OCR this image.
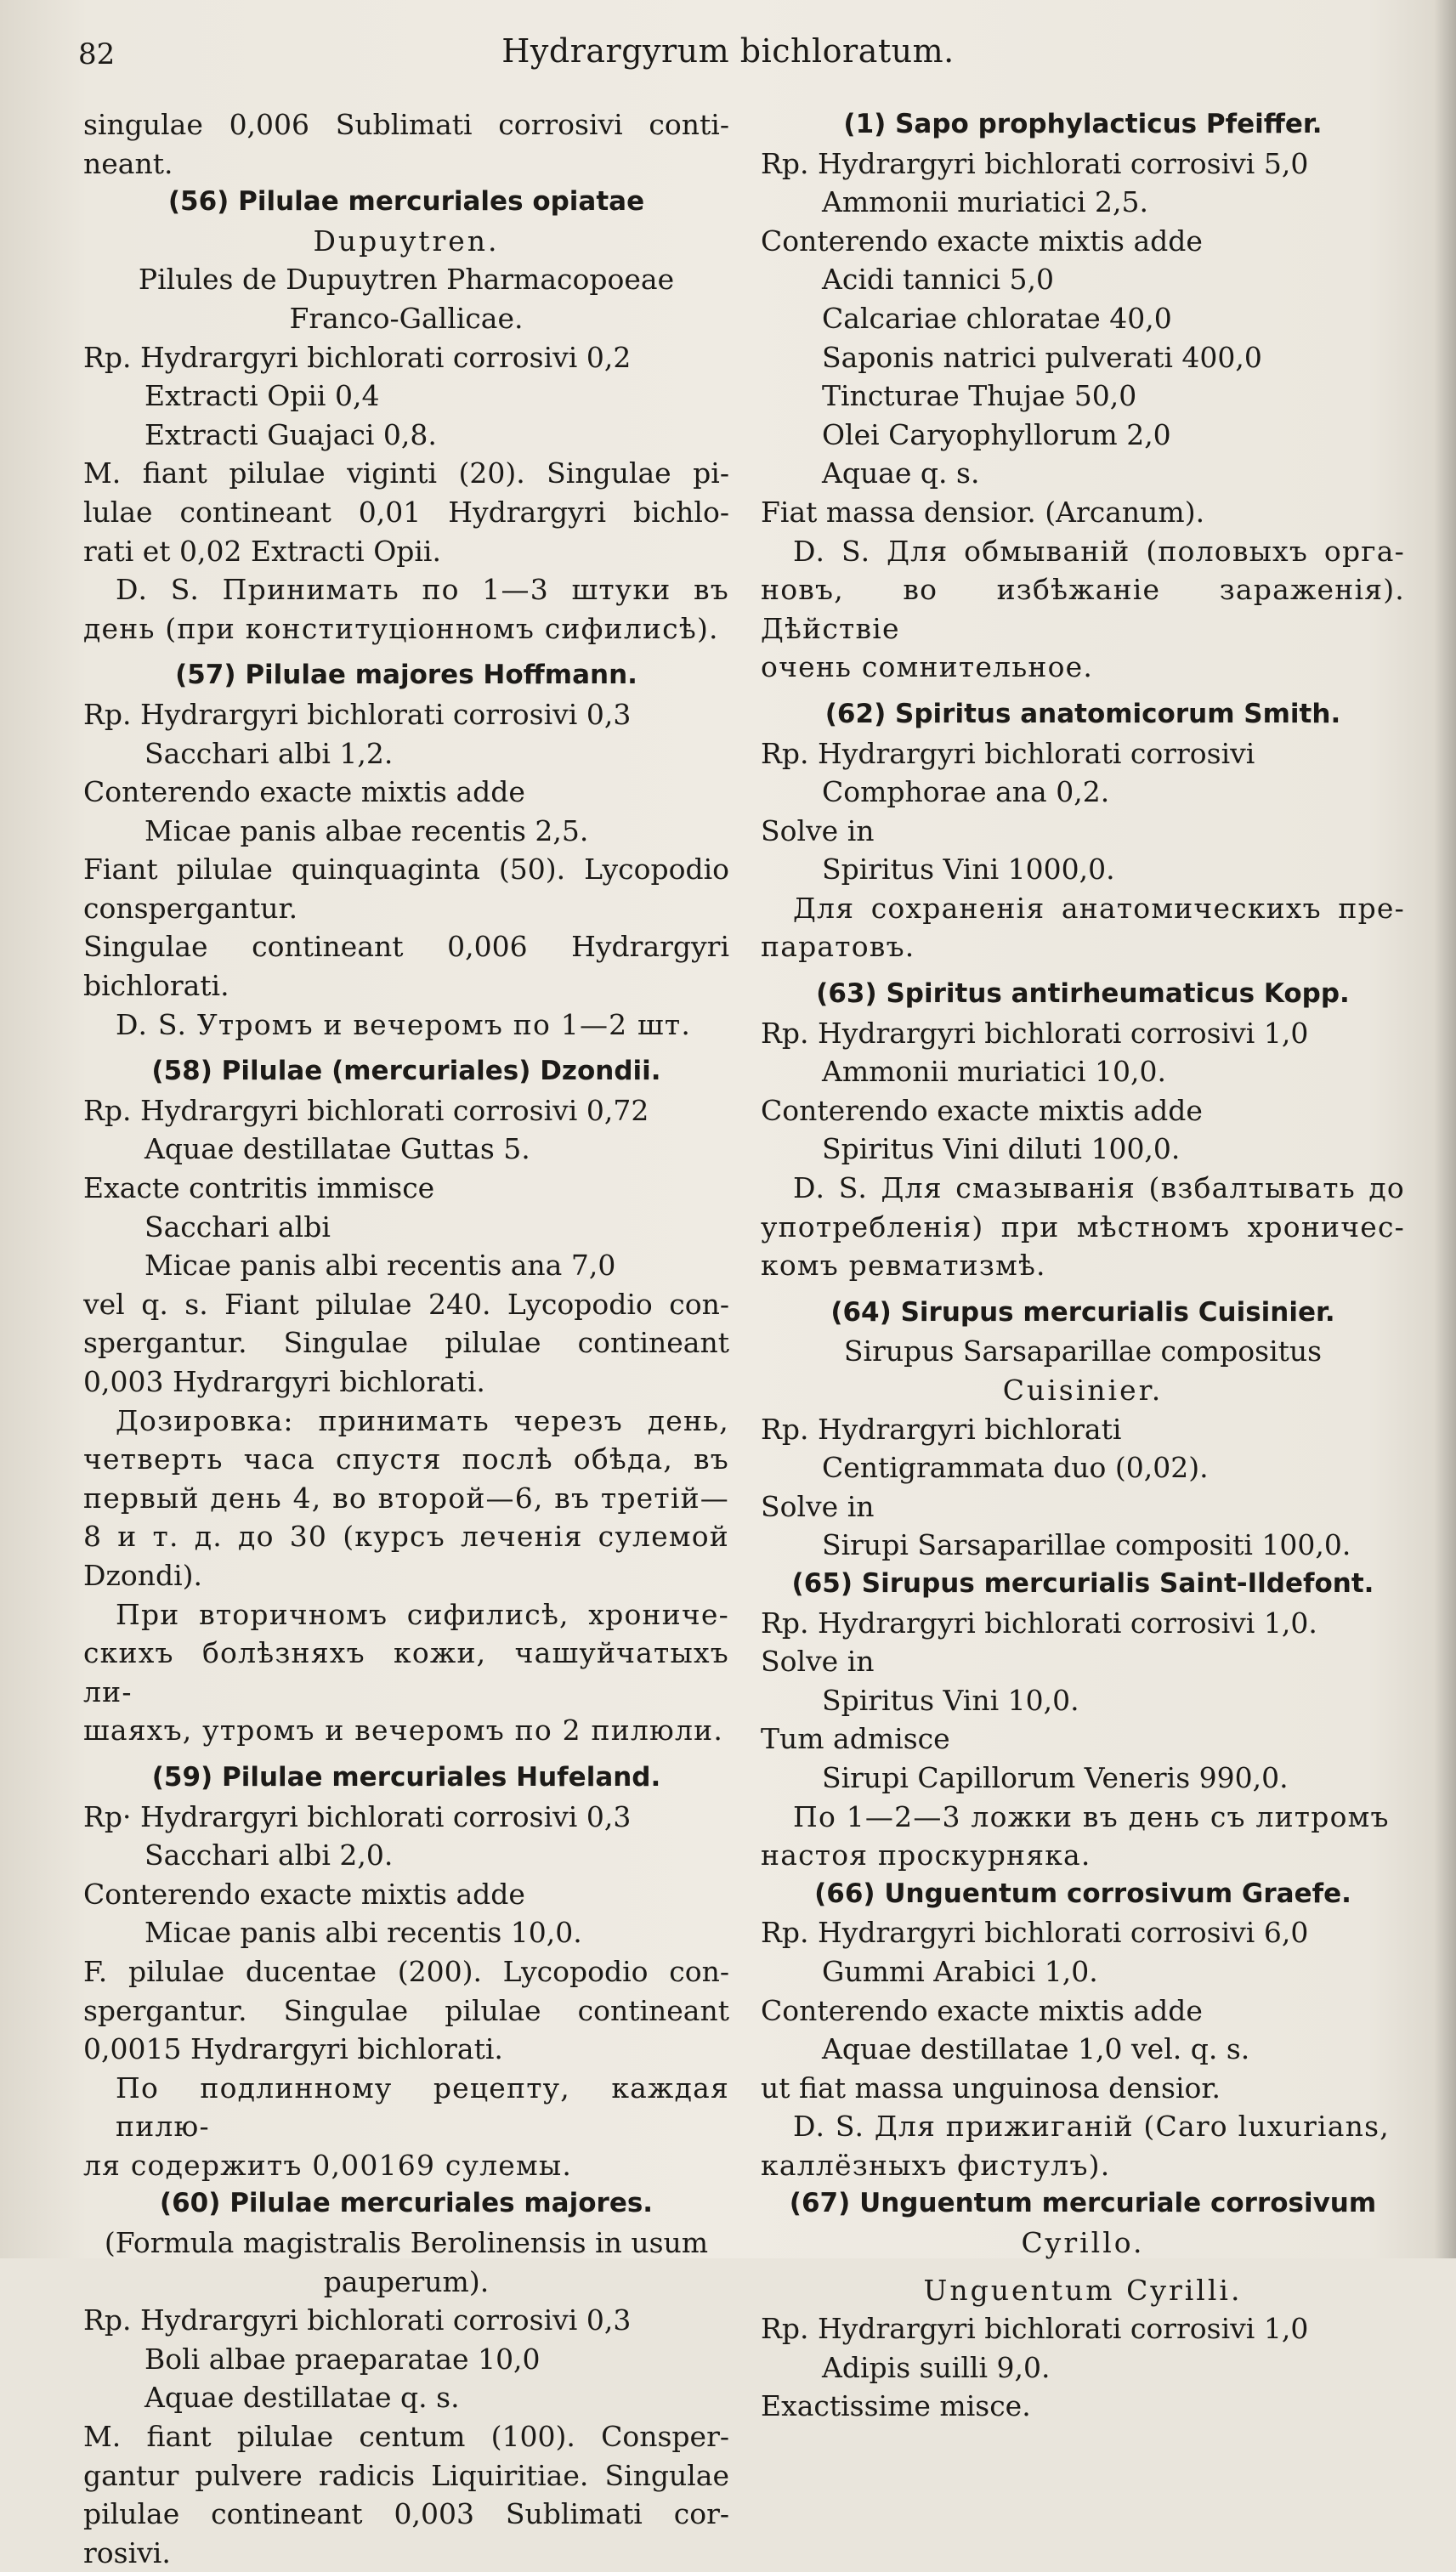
82	Hydrargyrum bichloratum.
singulae 0,006 Sublimati corrosivi conti-
neant.
(56) Pilulae mercuriales opiatae
Dupuytren.
Pilules de Dupuytren Pharmacopoeae
Franco-Gallicae.
Rp. Hydrargyri bichlorati corrosivi 0,2
Extracti Opii 0,4
Extracti Guajaci 0,8.
M. fiant pilulae viginti (20). Singulae pi-
lulae contineant 0,01 Hydrargyri bichlo-
rati et 0,02 Extracti Opii.
D. S. Принимать по 1—3 штуки въ
день (при конституціонномъ сифилисѣ).
(57) Pilulae majores Hoffmann.
Rp. Hydrargyri bichlorati corrosivi 0,3
Sacchari albi 1,2.
Conterendo exacte mixtis adde
Micae panis albae recentis 2,5.
Fiant pilulae quinquaginta (50). Lycopodio
conspergantur.
Singulae contineant 0,006 Hydrargyri
bichlorati.
D. S. Утромъ и вечеромъ по 1—2 шт.
(58) Pilulae (mercuriales) Dzondii.
Rp. Hydrargyri bichlorati corrosivi 0,72
Aquae destillatae Guttas 5.
Exacte contritis immisce
Sacchari albi
Micae panis albi recentis ana 7,0
vel q. s. Fiant pilulae 240. Lycopodio con-
spergantur. Singulae pilulae contineant
0,003 Hydrargyri bichlorati.
Дозировка: принимать черезъ день,
четверть часа спустя послѣ обѣда, въ
первый день 4, во второй—6, въ третій—
8 и т. д. до 30 (курсъ леченія сулемой
Dzondi).
При вторичномъ сифилисѣ, хрониче-
скихъ болѣзняхъ кожи, чашуйчатыхъ ли-
шаяхъ, утромъ и вечеромъ по 2 пилюли.
(59) Pilulae mercuriales Hufeland.
Rp· Hydrargyri bichlorati corrosivi 0,3
Sacchari albi 2,0.
Conterendo exacte mixtis adde
Micae panis albi recentis 10,0.
F. pilulae ducentae (200). Lycopodio con-
spergantur. Singulae pilulae contineant
0,0015 Hydrargyri bichlorati.
По подлинному рецепту, каждая пилю-
ля содержитъ 0,00169 сулемы.
(60) Pilulae mercuriales majores.
(Formula magistralis Berolinensis in usum
pauperum).
Rp. Hydrargyri bichlorati corrosivi 0,3
Boli albae praeparatae 10,0
Aquae destillatae q. s.
M. fiant pilulae centum (100). Consper-
gantur pulvere radicis Liquiritiae. Singulae
pilulae contineant 0,003 Sublimati cor-
rosivi.
(1) Sapo prophylacticus Pfeiffer.
Rp. Hydrargyri bichlorati corrosivi 5,0
Ammonii muriatici 2,5.
Conterendo exacte mixtis adde
Acidi tannici 5,0
Calcariae chloratae 40,0
Saponis natrici pulverati 400,0
Tincturae Thujae 50,0
Olei Caryophyllorum 2,0
Aquae q. s.
Fiat massa densior. (Arcanum).
D. S. Для обмываній (половыхъ орга-
новъ, во избѣжаніе зараженія). Дѣйствіе
очень сомнительное.
(62) Spiritus anatomicorum Smith.
Rp. Hydrargyri bichlorati corrosivi
Comphorae ana 0,2.
Solve in
Spiritus Vini 1000,0.
Для сохраненія анатомическихъ пре-
паратовъ.
(63) Spiritus antirheumaticus Kopp.
Rp. Hydrargyri bichlorati corrosivi 1,0
Ammonii muriatici 10,0.
Conterendo exacte mixtis adde
Spiritus Vini diluti 100,0.
D. S. Для смазыванія (взбалтывать до
употребленія) при мѣстномъ хроничес-
комъ ревматизмѣ.
(64) Sirupus mercurialis Cuisinier.
Sirupus Sarsaparillae compositus
Cuisinier.
Rp. Hydrargyri bichlorati
Centigrammata duo (0,02).
Solve in
Sirupi Sarsaparillae compositi 100,0.
(65) Sirupus mercurialis Saint-Ildefont.
Rp. Hydrargyri bichlorati corrosivi 1,0.
Solve in
Spiritus Vini 10,0.
Tum admisce
Sirupi Capillorum Veneris 990,0.
По 1—2—3 ложки въ день съ литромъ
настоя проскурняка.
(66) Unguentum corrosivum Graefe.
Rp. Hydrargyri bichlorati corrosivi 6,0
Gummi Arabici 1,0.
Conterendo exacte mixtis adde
Aquae destillatae 1,0 vel. q. s.
ut fiat massa unguinosa densior.
D. S. Для прижиганій (Caro luxurians,
каллёзныхъ фистулъ).
(67) Unguentum mercuriale corrosivum
Cyrillo.
Unguentum Cyrilli.
Rp. Hydrargyri bichlorati corrosivi 1,0
Adipis suilli 9,0.
Exactissime misce.
